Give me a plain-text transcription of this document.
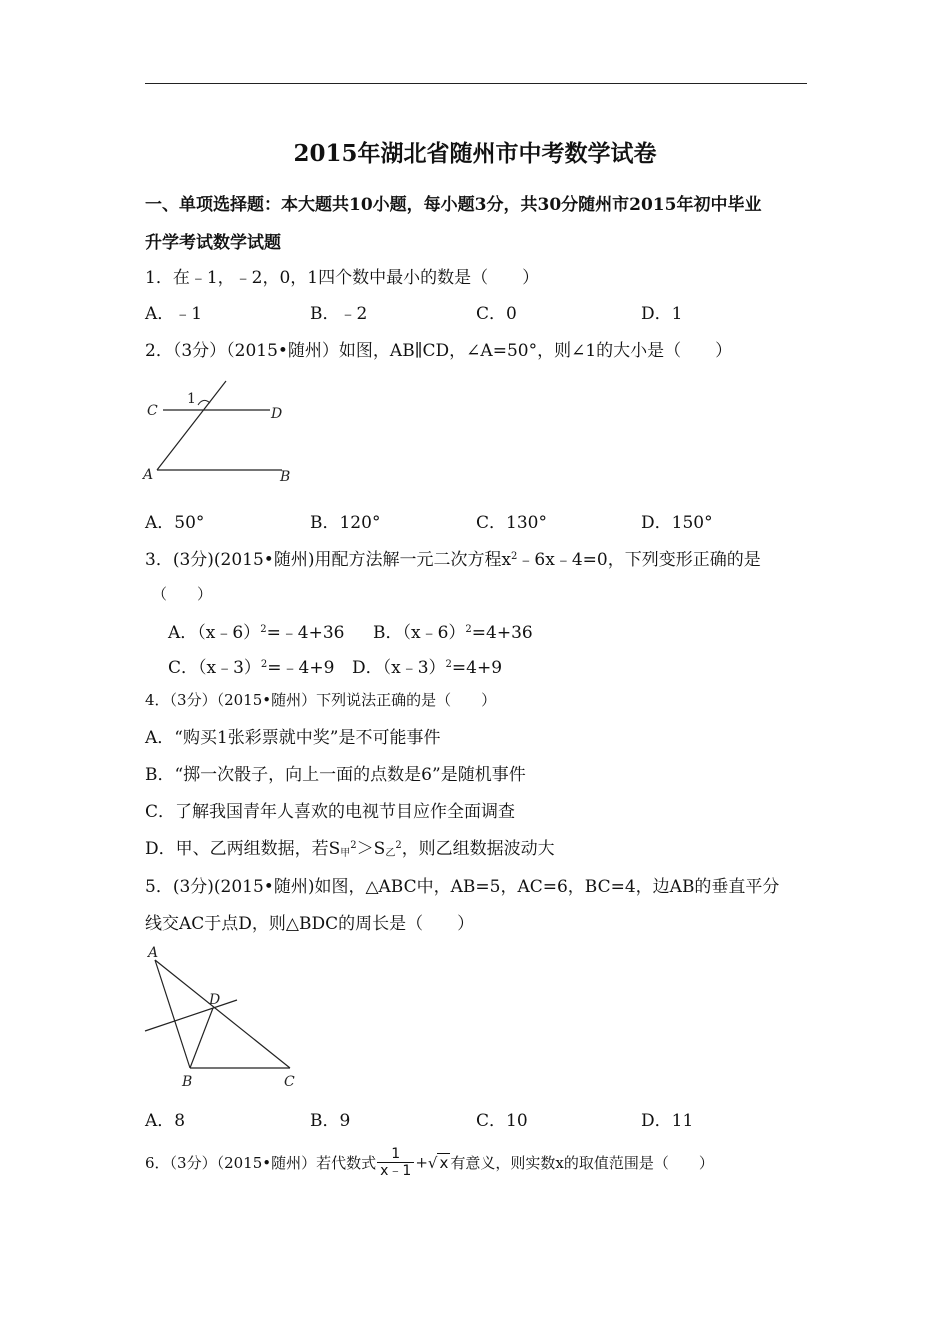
2015年湖北省随州市中考数学试卷
一、单项选择题：本大题共10小题，每小题3分，共30分随州市2015年初中毕业
升学考试数学试题
1．在﹣1，﹣2，0，1四个数中最小的数是（　　）
A．﹣1	B．﹣2	C．0	D．1
2．（3分）（2015•随州）如图，AB∥CD，∠A=50°，则∠1的大小是（　　）
C	D
A	B
1
A．50°	B．120°	C．130°	D．150°
3．(3分)(2015•随州)用配方法解一元二次方程$x^2﹣6x﹣4=0$，下列变形正确的是
（　　）
A．（x﹣6）$^2$=﹣4+36 B．（x﹣6）$^2$=4+36
C．（x﹣3）$^2$=﹣4+9 D．（x﹣3）$^2$=4+9
4．（3分）（2015•随州）下列说法正确的是（　　）
A．“购买1张彩票就中奖”是不可能事件
B．“掷一次骰子，向上一面的点数是6”是随机事件
C．了解我国青年人喜欢的电视节目应作全面调查
D．甲、乙两组数据，若$S_甲^2>S_乙^2$，则乙组数据波动大
5．(3分)(2015•随州)如图，△ABC中，AB=5，AC=6，BC=4，边AB的垂直平分
线交AC于点D，则△BDC的周长是（　　）
A
D
B	C
A．8	B．9	C．10	D．11
6．（3分）（2015•随州）若代数式 $\frac{1}{x﹣1}$ +√ x 有意义，则实数x的取值范围是（　　）
